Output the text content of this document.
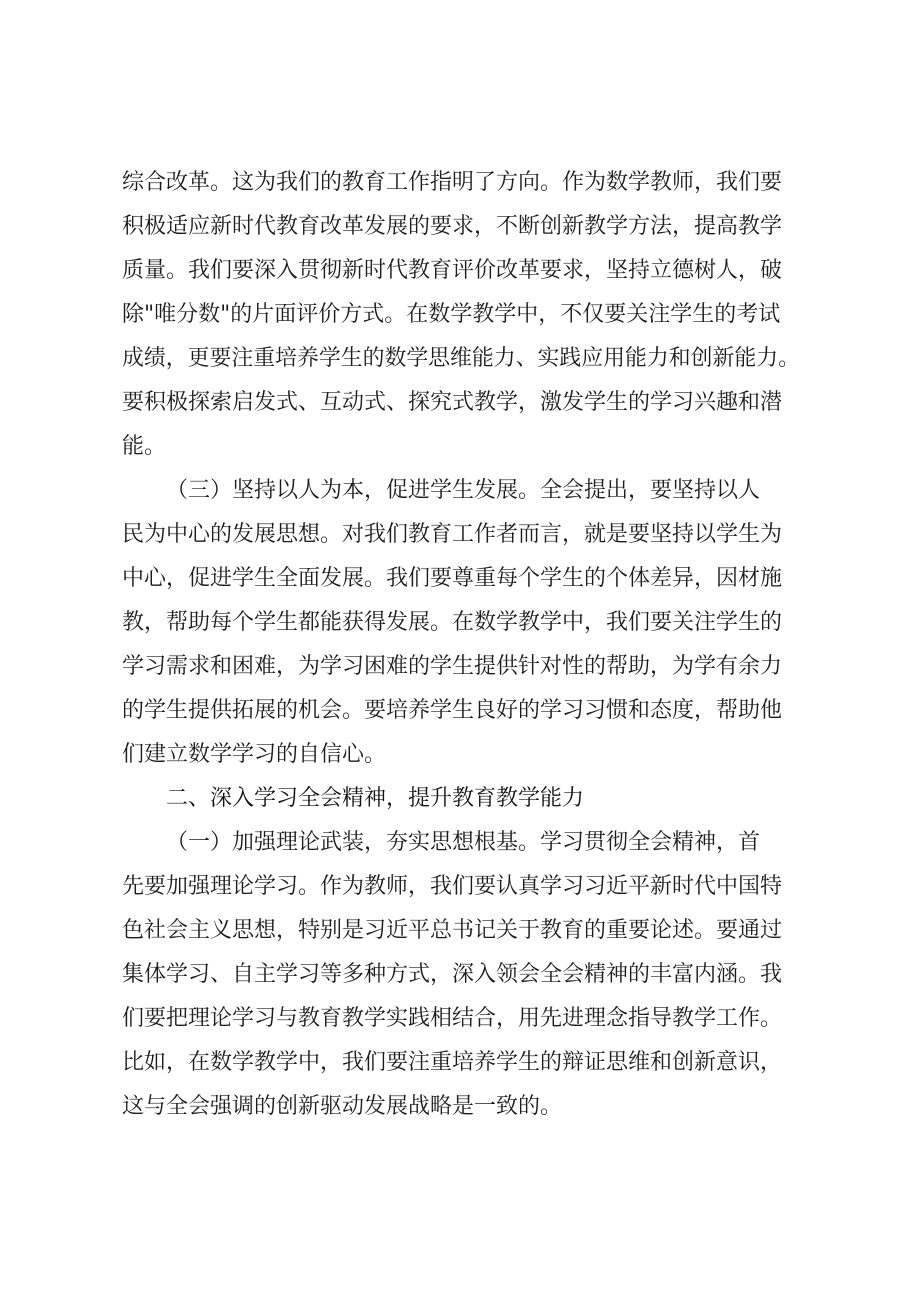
综合改革。这为我们的教育工作指明了方向。作为数学教师，我们要
积极适应新时代教育改革发展的要求，不断创新教学方法，提高教学
质量。我们要深入贯彻新时代教育评价改革要求，坚持立德树人，破
除"唯分数"的片面评价方式。在数学教学中，不仅要关注学生的考试
成绩，更要注重培养学生的数学思维能力、实践应用能力和创新能力。
要积极探索启发式、互动式、探究式教学，激发学生的学习兴趣和潜
能。
（三）坚持以人为本，促进学生发展。全会提出，要坚持以人
民为中心的发展思想。对我们教育工作者而言，就是要坚持以学生为
中心，促进学生全面发展。我们要尊重每个学生的个体差异，因材施
教，帮助每个学生都能获得发展。在数学教学中，我们要关注学生的
学习需求和困难，为学习困难的学生提供针对性的帮助，为学有余力
的学生提供拓展的机会。要培养学生良好的学习习惯和态度，帮助他
们建立数学学习的自信心。
二、深入学习全会精神，提升教育教学能力
（一）加强理论武装，夯实思想根基。学习贯彻全会精神，首
先要加强理论学习。作为教师，我们要认真学习习近平新时代中国特
色社会主义思想，特别是习近平总书记关于教育的重要论述。要通过
集体学习、自主学习等多种方式，深入领会全会精神的丰富内涵。我
们要把理论学习与教育教学实践相结合，用先进理念指导教学工作。
比如，在数学教学中，我们要注重培养学生的辩证思维和创新意识，
这与全会强调的创新驱动发展战略是一致的。
